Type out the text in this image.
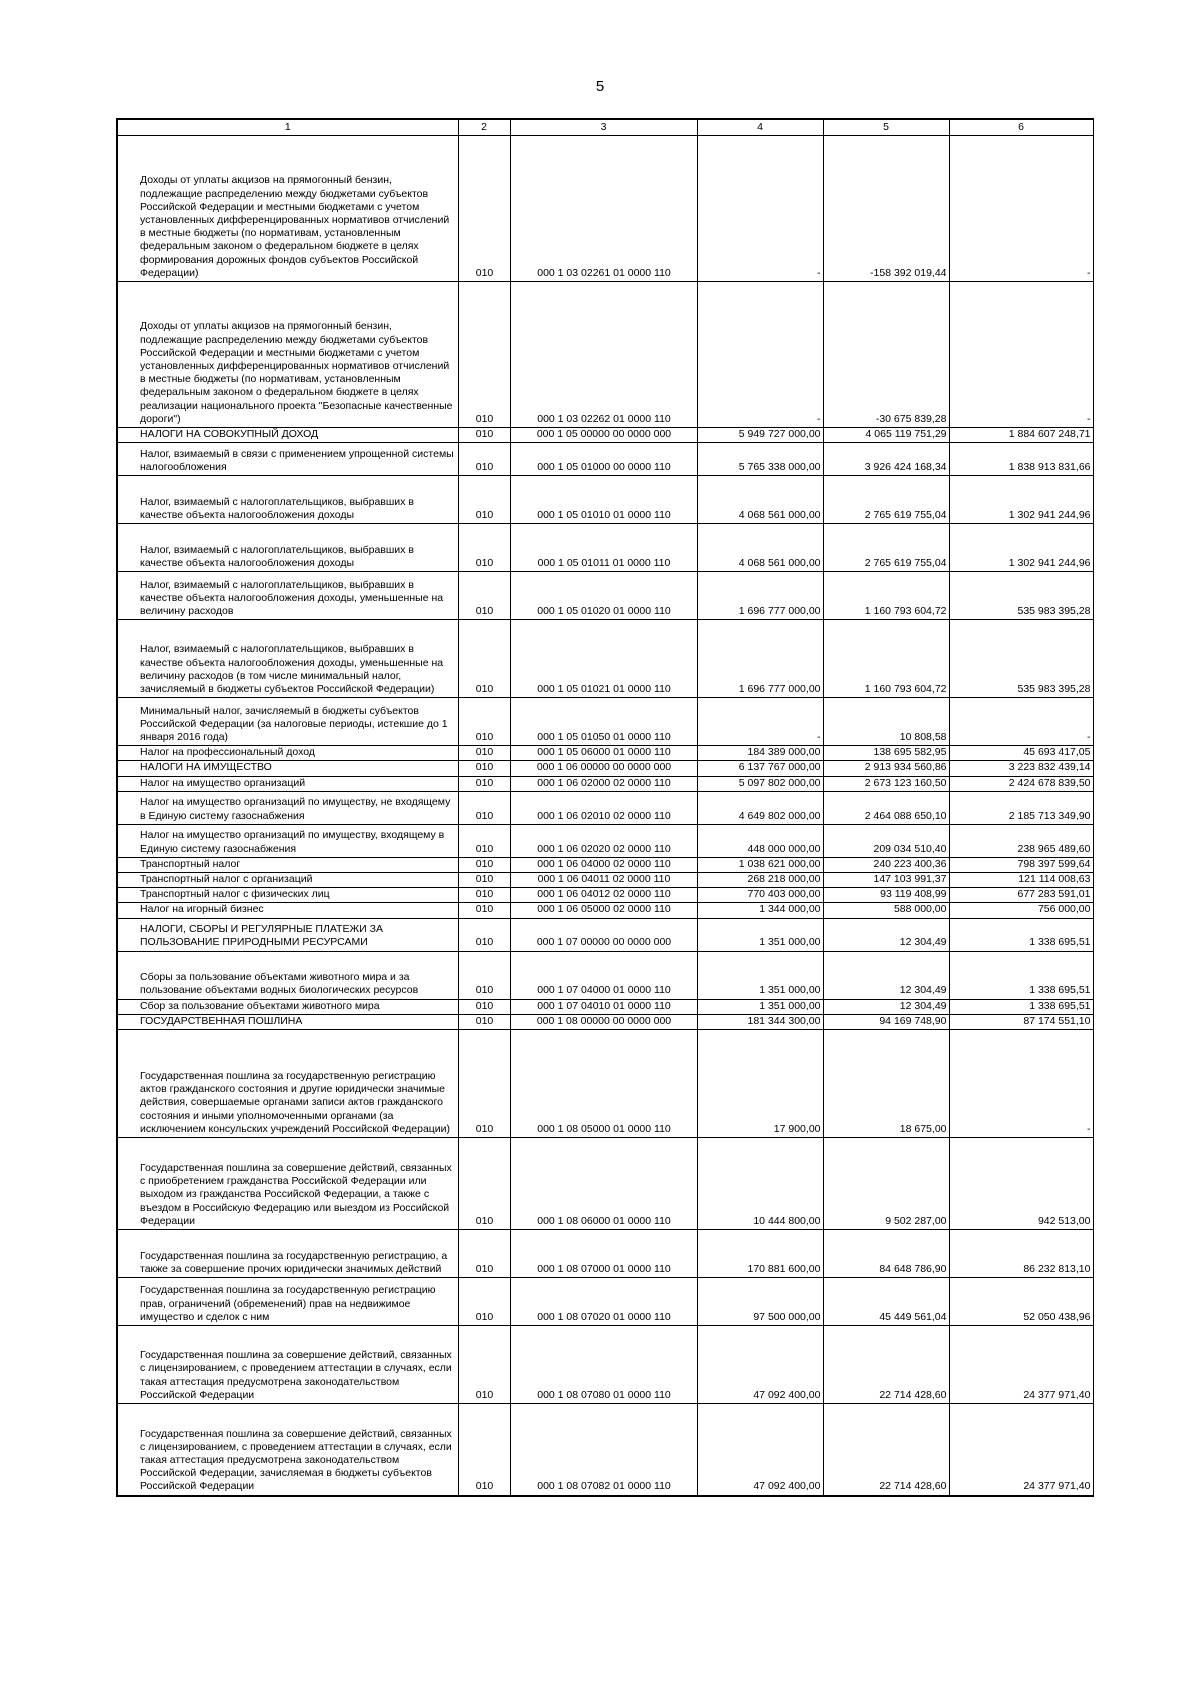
5
1	2	3	4	5	6
Доходы от уплаты акцизов на прямогонный бензин, подлежащие распределению между бюджетами субъектов Российской Федерации и местными бюджетами с учетом установленных дифференцированных нормативов отчислений в местные бюджеты (по нормативам, установленным федеральным законом о федеральном бюджете в целях формирования дорожных фондов субъектов Российской Федерации)	010	000 1 03 02261 01 0000 110	-	-158 392 019,44	-
Доходы от уплаты акцизов на прямогонный бензин, подлежащие распределению между бюджетами субъектов Российской Федерации и местными бюджетами с учетом установленных дифференцированных нормативов отчислений в местные бюджеты (по нормативам, установленным федеральным законом о федеральном бюджете в целях реализации национального проекта "Безопасные качественные дороги")	010	000 1 03 02262 01 0000 110	-	-30 675 839,28	-
НАЛОГИ НА СОВОКУПНЫЙ ДОХОД	010	000 1 05 00000 00 0000 000	5 949 727 000,00	4 065 119 751,29	1 884 607 248,71
Налог, взимаемый в связи с применением упрощенной системы налогообложения	010	000 1 05 01000 00 0000 110	5 765 338 000,00	3 926 424 168,34	1 838 913 831,66
Налог, взимаемый с налогоплательщиков, выбравших в качестве объекта налогообложения доходы	010	000 1 05 01010 01 0000 110	4 068 561 000,00	2 765 619 755,04	1 302 941 244,96
Налог, взимаемый с налогоплательщиков, выбравших в качестве объекта налогообложения доходы	010	000 1 05 01011 01 0000 110	4 068 561 000,00	2 765 619 755,04	1 302 941 244,96
Налог, взимаемый с налогоплательщиков, выбравших в качестве объекта налогообложения доходы, уменьшенные на величину расходов	010	000 1 05 01020 01 0000 110	1 696 777 000,00	1 160 793 604,72	535 983 395,28
Налог, взимаемый с налогоплательщиков, выбравших в качестве объекта налогообложения доходы, уменьшенные на величину расходов (в том числе минимальный налог, зачисляемый в бюджеты субъектов Российской Федерации)	010	000 1 05 01021 01 0000 110	1 696 777 000,00	1 160 793 604,72	535 983 395,28
Минимальный налог, зачисляемый в бюджеты субъектов Российской Федерации (за налоговые периоды, истекшие до 1 января 2016 года)	010	000 1 05 01050 01 0000 110	-	10 808,58	-
Налог на профессиональный доход	010	000 1 05 06000 01 0000 110	184 389 000,00	138 695 582,95	45 693 417,05
НАЛОГИ НА ИМУЩЕСТВО	010	000 1 06 00000 00 0000 000	6 137 767 000,00	2 913 934 560,86	3 223 832 439,14
Налог на имущество организаций	010	000 1 06 02000 02 0000 110	5 097 802 000,00	2 673 123 160,50	2 424 678 839,50
Налог на имущество организаций по имуществу, не входящему в Единую систему газоснабжения	010	000 1 06 02010 02 0000 110	4 649 802 000,00	2 464 088 650,10	2 185 713 349,90
Налог на имущество организаций по имуществу, входящему в Единую систему газоснабжения	010	000 1 06 02020 02 0000 110	448 000 000,00	209 034 510,40	238 965 489,60
Транспортный налог	010	000 1 06 04000 02 0000 110	1 038 621 000,00	240 223 400,36	798 397 599,64
Транспортный налог с организаций	010	000 1 06 04011 02 0000 110	268 218 000,00	147 103 991,37	121 114 008,63
Транспортный налог с физических лиц	010	000 1 06 04012 02 0000 110	770 403 000,00	93 119 408,99	677 283 591,01
Налог на игорный бизнес	010	000 1 06 05000 02 0000 110	1 344 000,00	588 000,00	756 000,00
НАЛОГИ, СБОРЫ И РЕГУЛЯРНЫЕ ПЛАТЕЖИ ЗА ПОЛЬЗОВАНИЕ ПРИРОДНЫМИ РЕСУРСАМИ	010	000 1 07 00000 00 0000 000	1 351 000,00	12 304,49	1 338 695,51
Сборы за пользование объектами животного мира и за пользование объектами водных биологических ресурсов	010	000 1 07 04000 01 0000 110	1 351 000,00	12 304,49	1 338 695,51
Сбор за пользование объектами животного мира	010	000 1 07 04010 01 0000 110	1 351 000,00	12 304,49	1 338 695,51
ГОСУДАРСТВЕННАЯ ПОШЛИНА	010	000 1 08 00000 00 0000 000	181 344 300,00	94 169 748,90	87 174 551,10
Государственная пошлина за государственную регистрацию актов гражданского состояния и другие юридически значимые действия, совершаемые органами записи актов гражданского состояния и иными уполномоченными органами (за исключением консульских учреждений Российской Федерации)	010	000 1 08 05000 01 0000 110	17 900,00	18 675,00	-
Государственная пошлина за совершение действий, связанных с приобретением гражданства Российской Федерации или выходом из гражданства Российской Федерации, а также с въездом в Российскую Федерацию или выездом из Российской Федерации	010	000 1 08 06000 01 0000 110	10 444 800,00	9 502 287,00	942 513,00
Государственная пошлина за государственную регистрацию, а также за совершение прочих юридически значимых действий	010	000 1 08 07000 01 0000 110	170 881 600,00	84 648 786,90	86 232 813,10
Государственная пошлина за государственную регистрацию прав, ограничений (обременений) прав на недвижимое имущество и сделок с ним	010	000 1 08 07020 01 0000 110	97 500 000,00	45 449 561,04	52 050 438,96
Государственная пошлина за совершение действий, связанных с лицензированием, с проведением аттестации в случаях, если такая аттестация предусмотрена законодательством Российской Федерации	010	000 1 08 07080 01 0000 110	47 092 400,00	22 714 428,60	24 377 971,40
Государственная пошлина за совершение действий, связанных с лицензированием, с проведением аттестации в случаях, если такая аттестация предусмотрена законодательством Российской Федерации, зачисляемая в бюджеты субъектов Российской Федерации	010	000 1 08 07082 01 0000 110	47 092 400,00	22 714 428,60	24 377 971,40
